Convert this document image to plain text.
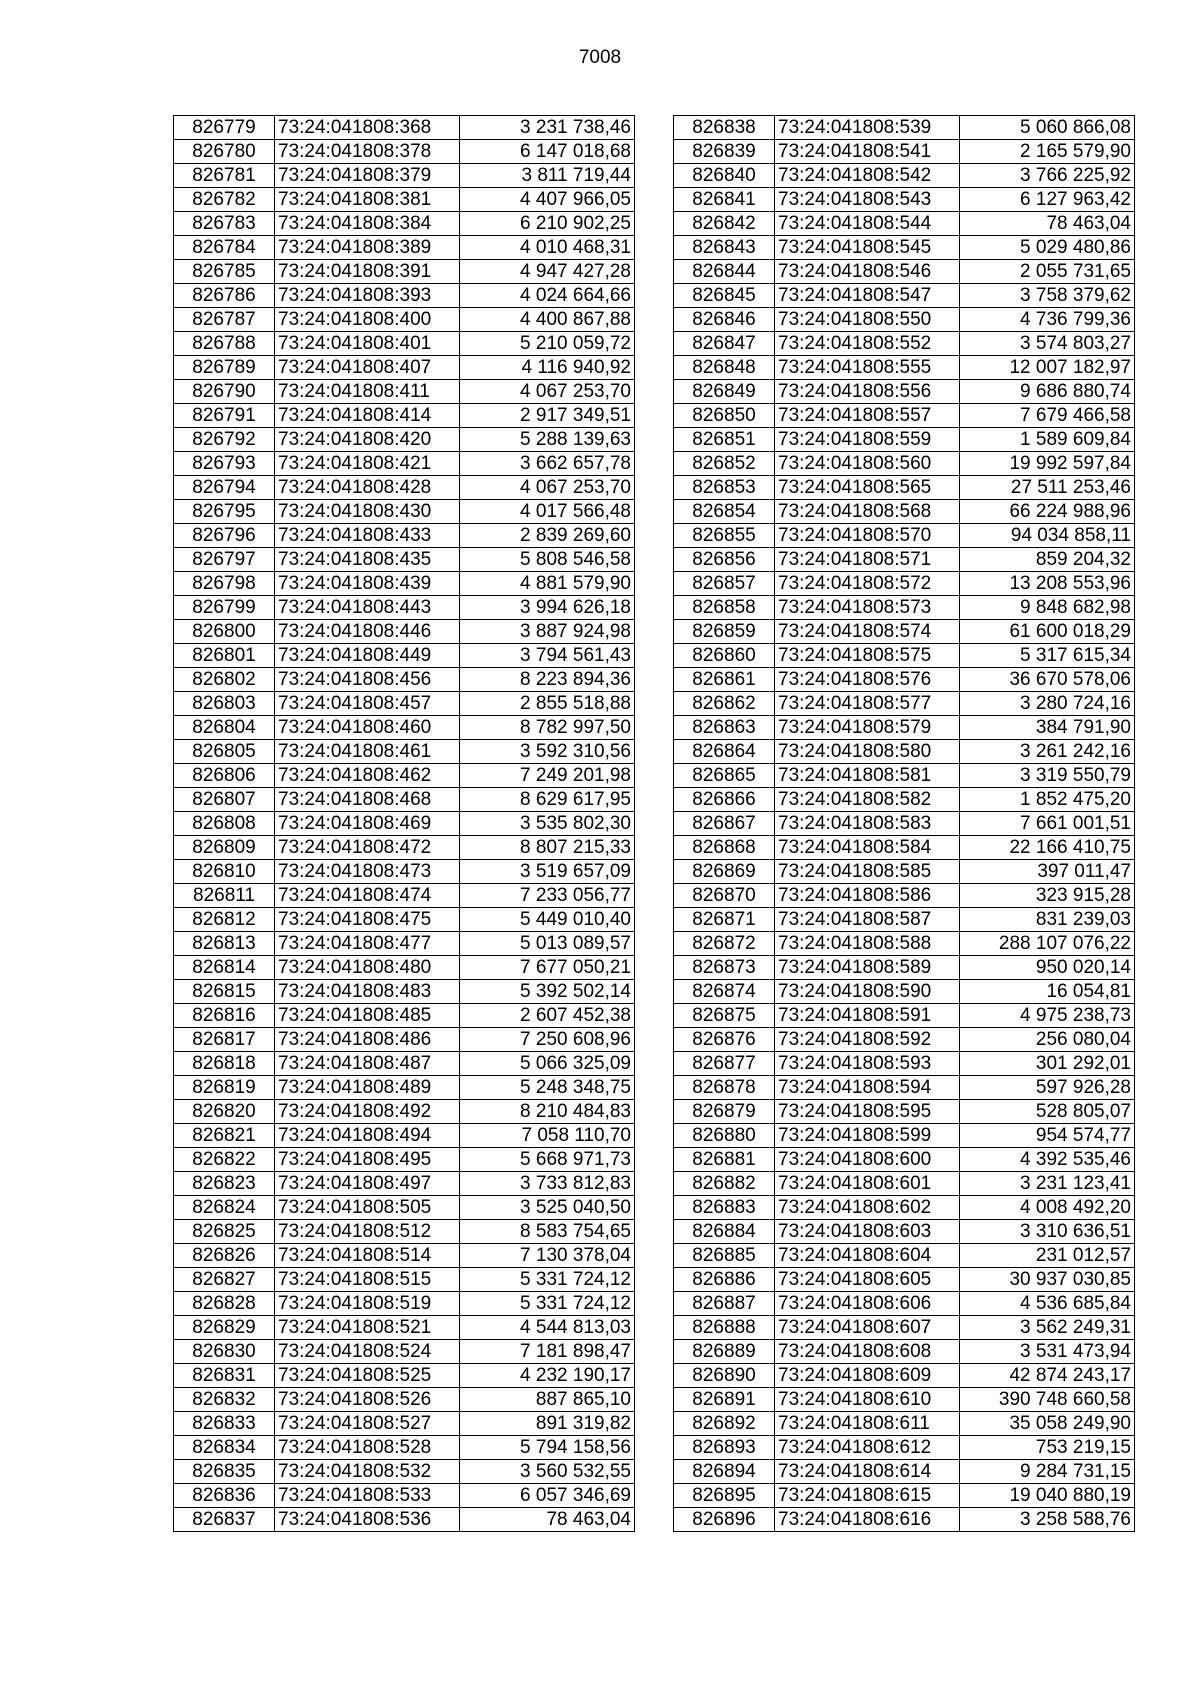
7008
826779	73:24:041808:368	3 231 738,46
826780	73:24:041808:378	6 147 018,68
826781	73:24:041808:379	3 811 719,44
826782	73:24:041808:381	4 407 966,05
826783	73:24:041808:384	6 210 902,25
826784	73:24:041808:389	4 010 468,31
826785	73:24:041808:391	4 947 427,28
826786	73:24:041808:393	4 024 664,66
826787	73:24:041808:400	4 400 867,88
826788	73:24:041808:401	5 210 059,72
826789	73:24:041808:407	4 116 940,92
826790	73:24:041808:411	4 067 253,70
826791	73:24:041808:414	2 917 349,51
826792	73:24:041808:420	5 288 139,63
826793	73:24:041808:421	3 662 657,78
826794	73:24:041808:428	4 067 253,70
826795	73:24:041808:430	4 017 566,48
826796	73:24:041808:433	2 839 269,60
826797	73:24:041808:435	5 808 546,58
826798	73:24:041808:439	4 881 579,90
826799	73:24:041808:443	3 994 626,18
826800	73:24:041808:446	3 887 924,98
826801	73:24:041808:449	3 794 561,43
826802	73:24:041808:456	8 223 894,36
826803	73:24:041808:457	2 855 518,88
826804	73:24:041808:460	8 782 997,50
826805	73:24:041808:461	3 592 310,56
826806	73:24:041808:462	7 249 201,98
826807	73:24:041808:468	8 629 617,95
826808	73:24:041808:469	3 535 802,30
826809	73:24:041808:472	8 807 215,33
826810	73:24:041808:473	3 519 657,09
826811	73:24:041808:474	7 233 056,77
826812	73:24:041808:475	5 449 010,40
826813	73:24:041808:477	5 013 089,57
826814	73:24:041808:480	7 677 050,21
826815	73:24:041808:483	5 392 502,14
826816	73:24:041808:485	2 607 452,38
826817	73:24:041808:486	7 250 608,96
826818	73:24:041808:487	5 066 325,09
826819	73:24:041808:489	5 248 348,75
826820	73:24:041808:492	8 210 484,83
826821	73:24:041808:494	7 058 110,70
826822	73:24:041808:495	5 668 971,73
826823	73:24:041808:497	3 733 812,83
826824	73:24:041808:505	3 525 040,50
826825	73:24:041808:512	8 583 754,65
826826	73:24:041808:514	7 130 378,04
826827	73:24:041808:515	5 331 724,12
826828	73:24:041808:519	5 331 724,12
826829	73:24:041808:521	4 544 813,03
826830	73:24:041808:524	7 181 898,47
826831	73:24:041808:525	4 232 190,17
826832	73:24:041808:526	887 865,10
826833	73:24:041808:527	891 319,82
826834	73:24:041808:528	5 794 158,56
826835	73:24:041808:532	3 560 532,55
826836	73:24:041808:533	6 057 346,69
826837	73:24:041808:536	78 463,04
826838	73:24:041808:539	5 060 866,08
826839	73:24:041808:541	2 165 579,90
826840	73:24:041808:542	3 766 225,92
826841	73:24:041808:543	6 127 963,42
826842	73:24:041808:544	78 463,04
826843	73:24:041808:545	5 029 480,86
826844	73:24:041808:546	2 055 731,65
826845	73:24:041808:547	3 758 379,62
826846	73:24:041808:550	4 736 799,36
826847	73:24:041808:552	3 574 803,27
826848	73:24:041808:555	12 007 182,97
826849	73:24:041808:556	9 686 880,74
826850	73:24:041808:557	7 679 466,58
826851	73:24:041808:559	1 589 609,84
826852	73:24:041808:560	19 992 597,84
826853	73:24:041808:565	27 511 253,46
826854	73:24:041808:568	66 224 988,96
826855	73:24:041808:570	94 034 858,11
826856	73:24:041808:571	859 204,32
826857	73:24:041808:572	13 208 553,96
826858	73:24:041808:573	9 848 682,98
826859	73:24:041808:574	61 600 018,29
826860	73:24:041808:575	5 317 615,34
826861	73:24:041808:576	36 670 578,06
826862	73:24:041808:577	3 280 724,16
826863	73:24:041808:579	384 791,90
826864	73:24:041808:580	3 261 242,16
826865	73:24:041808:581	3 319 550,79
826866	73:24:041808:582	1 852 475,20
826867	73:24:041808:583	7 661 001,51
826868	73:24:041808:584	22 166 410,75
826869	73:24:041808:585	397 011,47
826870	73:24:041808:586	323 915,28
826871	73:24:041808:587	831 239,03
826872	73:24:041808:588	288 107 076,22
826873	73:24:041808:589	950 020,14
826874	73:24:041808:590	16 054,81
826875	73:24:041808:591	4 975 238,73
826876	73:24:041808:592	256 080,04
826877	73:24:041808:593	301 292,01
826878	73:24:041808:594	597 926,28
826879	73:24:041808:595	528 805,07
826880	73:24:041808:599	954 574,77
826881	73:24:041808:600	4 392 535,46
826882	73:24:041808:601	3 231 123,41
826883	73:24:041808:602	4 008 492,20
826884	73:24:041808:603	3 310 636,51
826885	73:24:041808:604	231 012,57
826886	73:24:041808:605	30 937 030,85
826887	73:24:041808:606	4 536 685,84
826888	73:24:041808:607	3 562 249,31
826889	73:24:041808:608	3 531 473,94
826890	73:24:041808:609	42 874 243,17
826891	73:24:041808:610	390 748 660,58
826892	73:24:041808:611	35 058 249,90
826893	73:24:041808:612	753 219,15
826894	73:24:041808:614	9 284 731,15
826895	73:24:041808:615	19 040 880,19
826896	73:24:041808:616	3 258 588,76
